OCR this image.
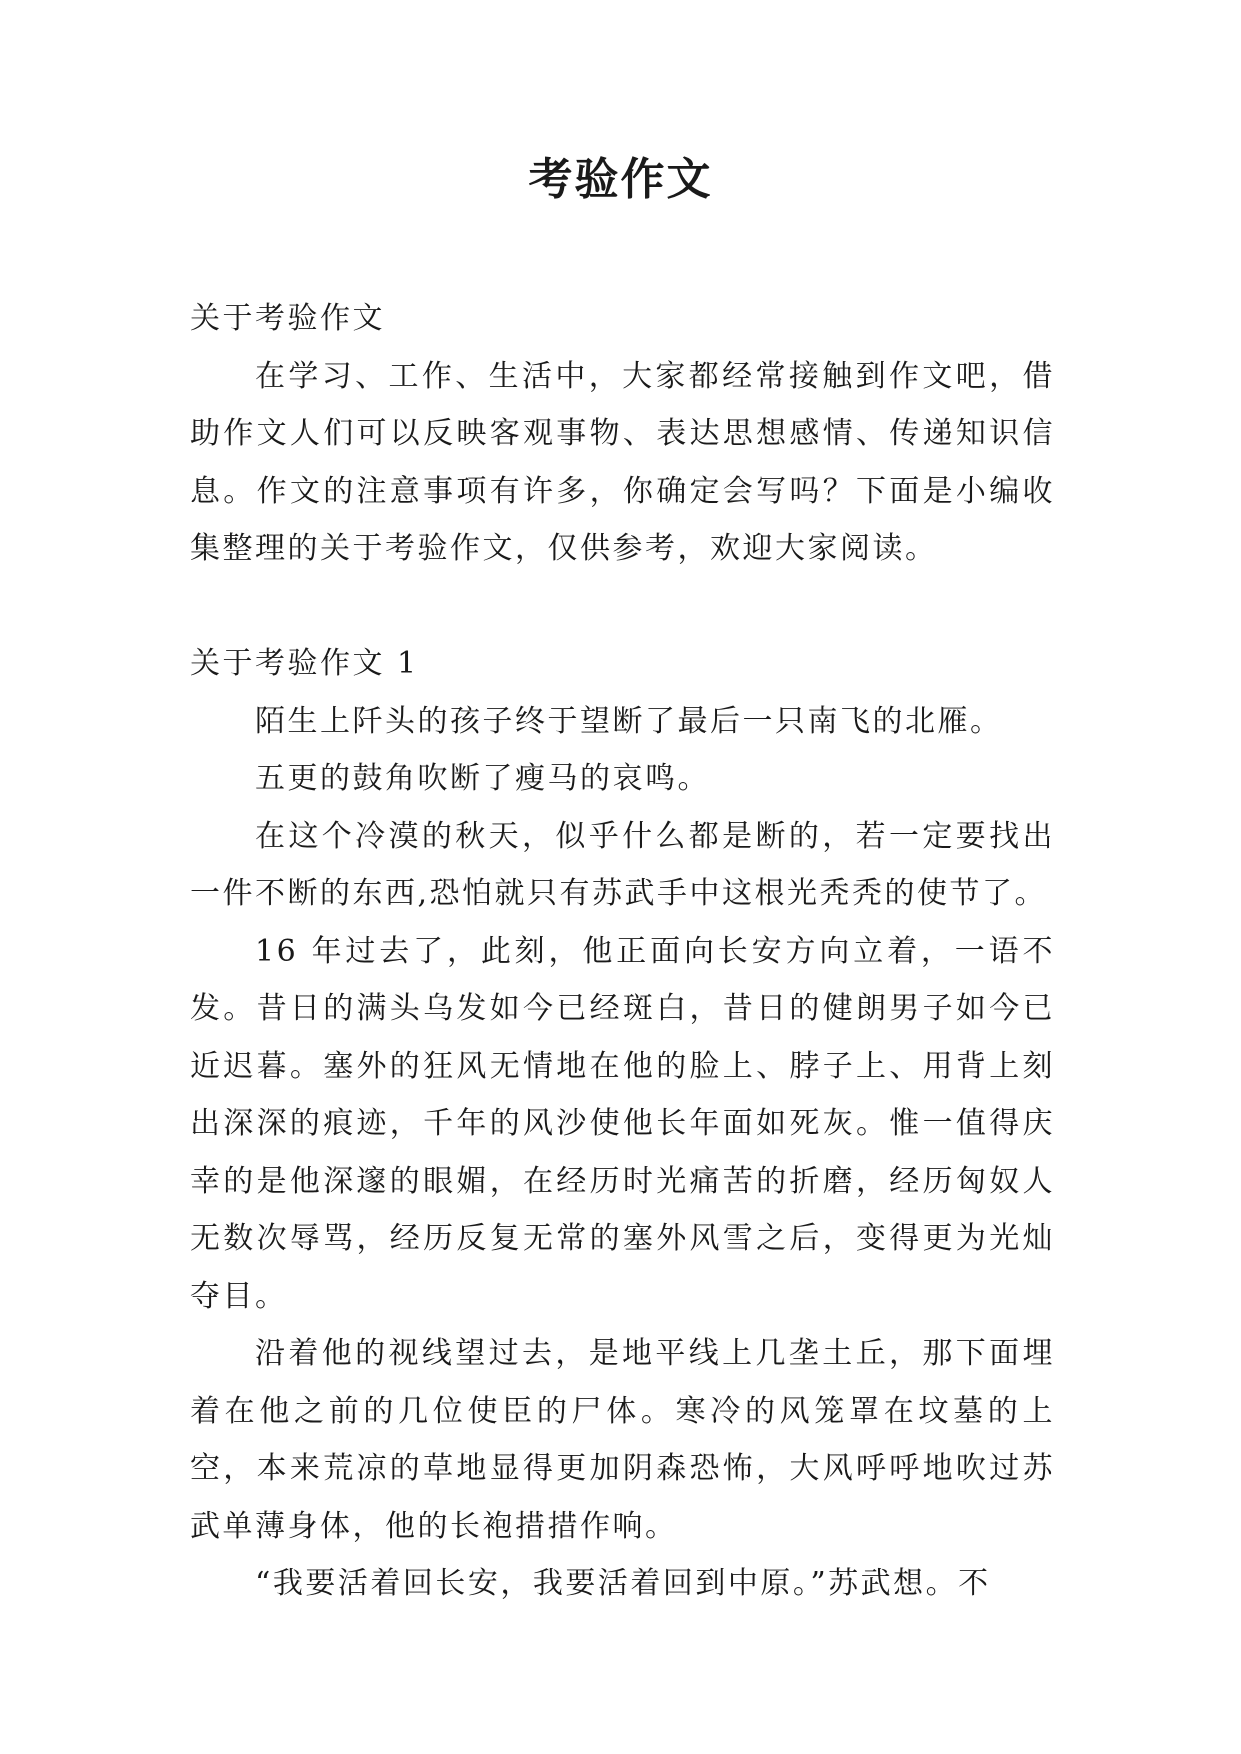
考验作文

关于考验作文

在学习、工作、生活中，大家都经常接触到作文吧，借助作文人们可以反映客观事物、表达思想感情、传递知识信息。作文的注意事项有许多，你确定会写吗？下面是小编收集整理的关于考验作文，仅供参考，欢迎大家阅读。

关于考验作文 1

陌生上阡头的孩子终于望断了最后一只南飞的北雁。

五更的鼓角吹断了瘦马的哀鸣。

在这个冷漠的秋天，似乎什么都是断的，若一定要找出一件不断的东西,恐怕就只有苏武手中这根光秃秃的使节了。

16 年过去了，此刻，他正面向长安方向立着，一语不发。昔日的满头乌发如今已经斑白，昔日的健朗男子如今已近迟暮。塞外的狂风无情地在他的脸上、脖子上、用背上刻出深深的痕迹，千年的风沙使他长年面如死灰。惟一值得庆幸的是他深邃的眼媚，在经历时光痛苦的折磨，经历匈奴人无数次辱骂，经历反复无常的塞外风雪之后，变得更为光灿夺目。

沿着他的视线望过去，是地平线上几垄土丘，那下面埋着在他之前的几位使臣的尸体。寒冷的风笼罩在坟墓的上空，本来荒凉的草地显得更加阴森恐怖，大风呼呼地吹过苏武单薄身体，他的长袍措措作响。

“我要活着回长安，我要活着回到中原。”苏武想。不
